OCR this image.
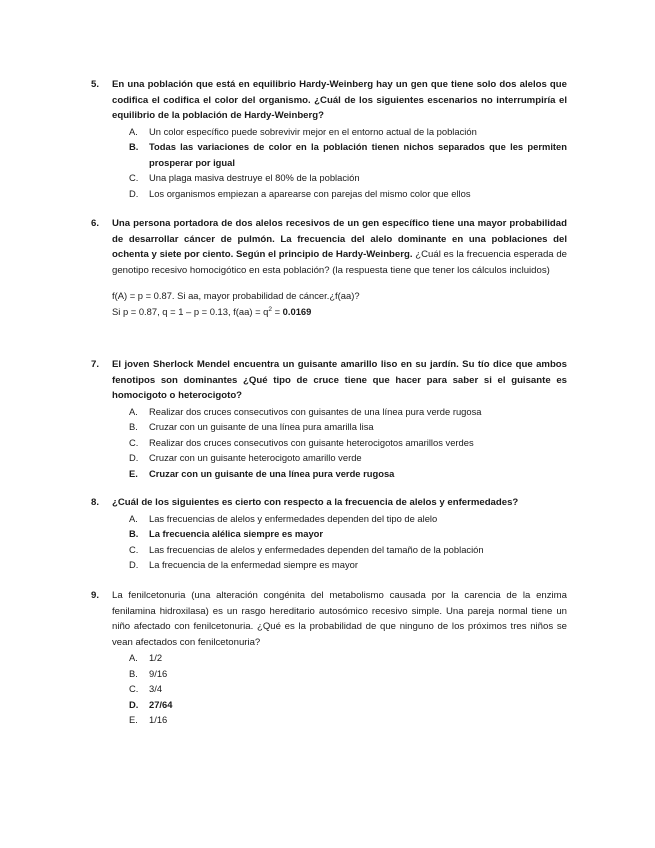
5. En una población que está en equilibrio Hardy-Weinberg hay un gen que tiene solo dos alelos que codifica el codifica el color del organismo. ¿Cuál de los siguientes escenarios no interrumpiría el equilibrio de la población de Hardy-Weinberg?
A. Un color específico puede sobrevivir mejor en el entorno actual de la población
B. Todas las variaciones de color en la población tienen nichos separados que les permiten prosperar por igual
C. Una plaga masiva destruye el 80% de la población
D. Los organismos empiezan a aparearse con parejas del mismo color que ellos
6. Una persona portadora de dos alelos recesivos de un gen específico tiene una mayor probabilidad de desarrollar cáncer de pulmón. La frecuencia del alelo dominante en una poblaciones del ochenta y siete por ciento. Según el principio de Hardy-Weinberg. ¿Cuál es la frecuencia esperada de genotipo recesivo homocigótico en esta población? (la respuesta tiene que tener los cálculos incluidos)
f(A) = p = 0.87. Si aa, mayor probabilidad de cáncer.¿f(aa)?
Si p = 0.87, q = 1 – p = 0.13, $f(aa) = q^2 = 0.0169$
7. El joven Sherlock Mendel encuentra un guisante amarillo liso en su jardín. Su tío dice que ambos fenotipos son dominantes ¿Qué tipo de cruce tiene que hacer para saber si el guisante es homocigoto o heterocigoto?
A. Realizar dos cruces consecutivos con guisantes de una línea pura verde rugosa
B. Cruzar con un guisante de una línea pura amarilla lisa
C. Realizar dos cruces consecutivos con guisante heterocigotos amarillos verdes
D. Cruzar con un guisante heterocigoto amarillo verde
E. Cruzar con un guisante de una línea pura verde rugosa
8. ¿Cuál de los siguientes es cierto con respecto a la frecuencia de alelos y enfermedades?
A. Las frecuencias de alelos y enfermedades dependen del tipo de alelo
B. La frecuencia alélica siempre es mayor
C. Las frecuencias de alelos y enfermedades dependen del tamaño de la población
D. La frecuencia de la enfermedad siempre es mayor
9. La fenilcetonuria (una alteración congénita del metabolismo causada por la carencia de la enzima fenilamina hidroxilasa) es un rasgo hereditario autosómico recesivo simple. Una pareja normal tiene un niño afectado con fenilcetonuria. ¿Qué es la probabilidad de que ninguno de los próximos tres niños se vean afectados con fenilcetonuria?
A. 1/2
B. 9/16
C. 3/4
D. 27/64
E. 1/16
